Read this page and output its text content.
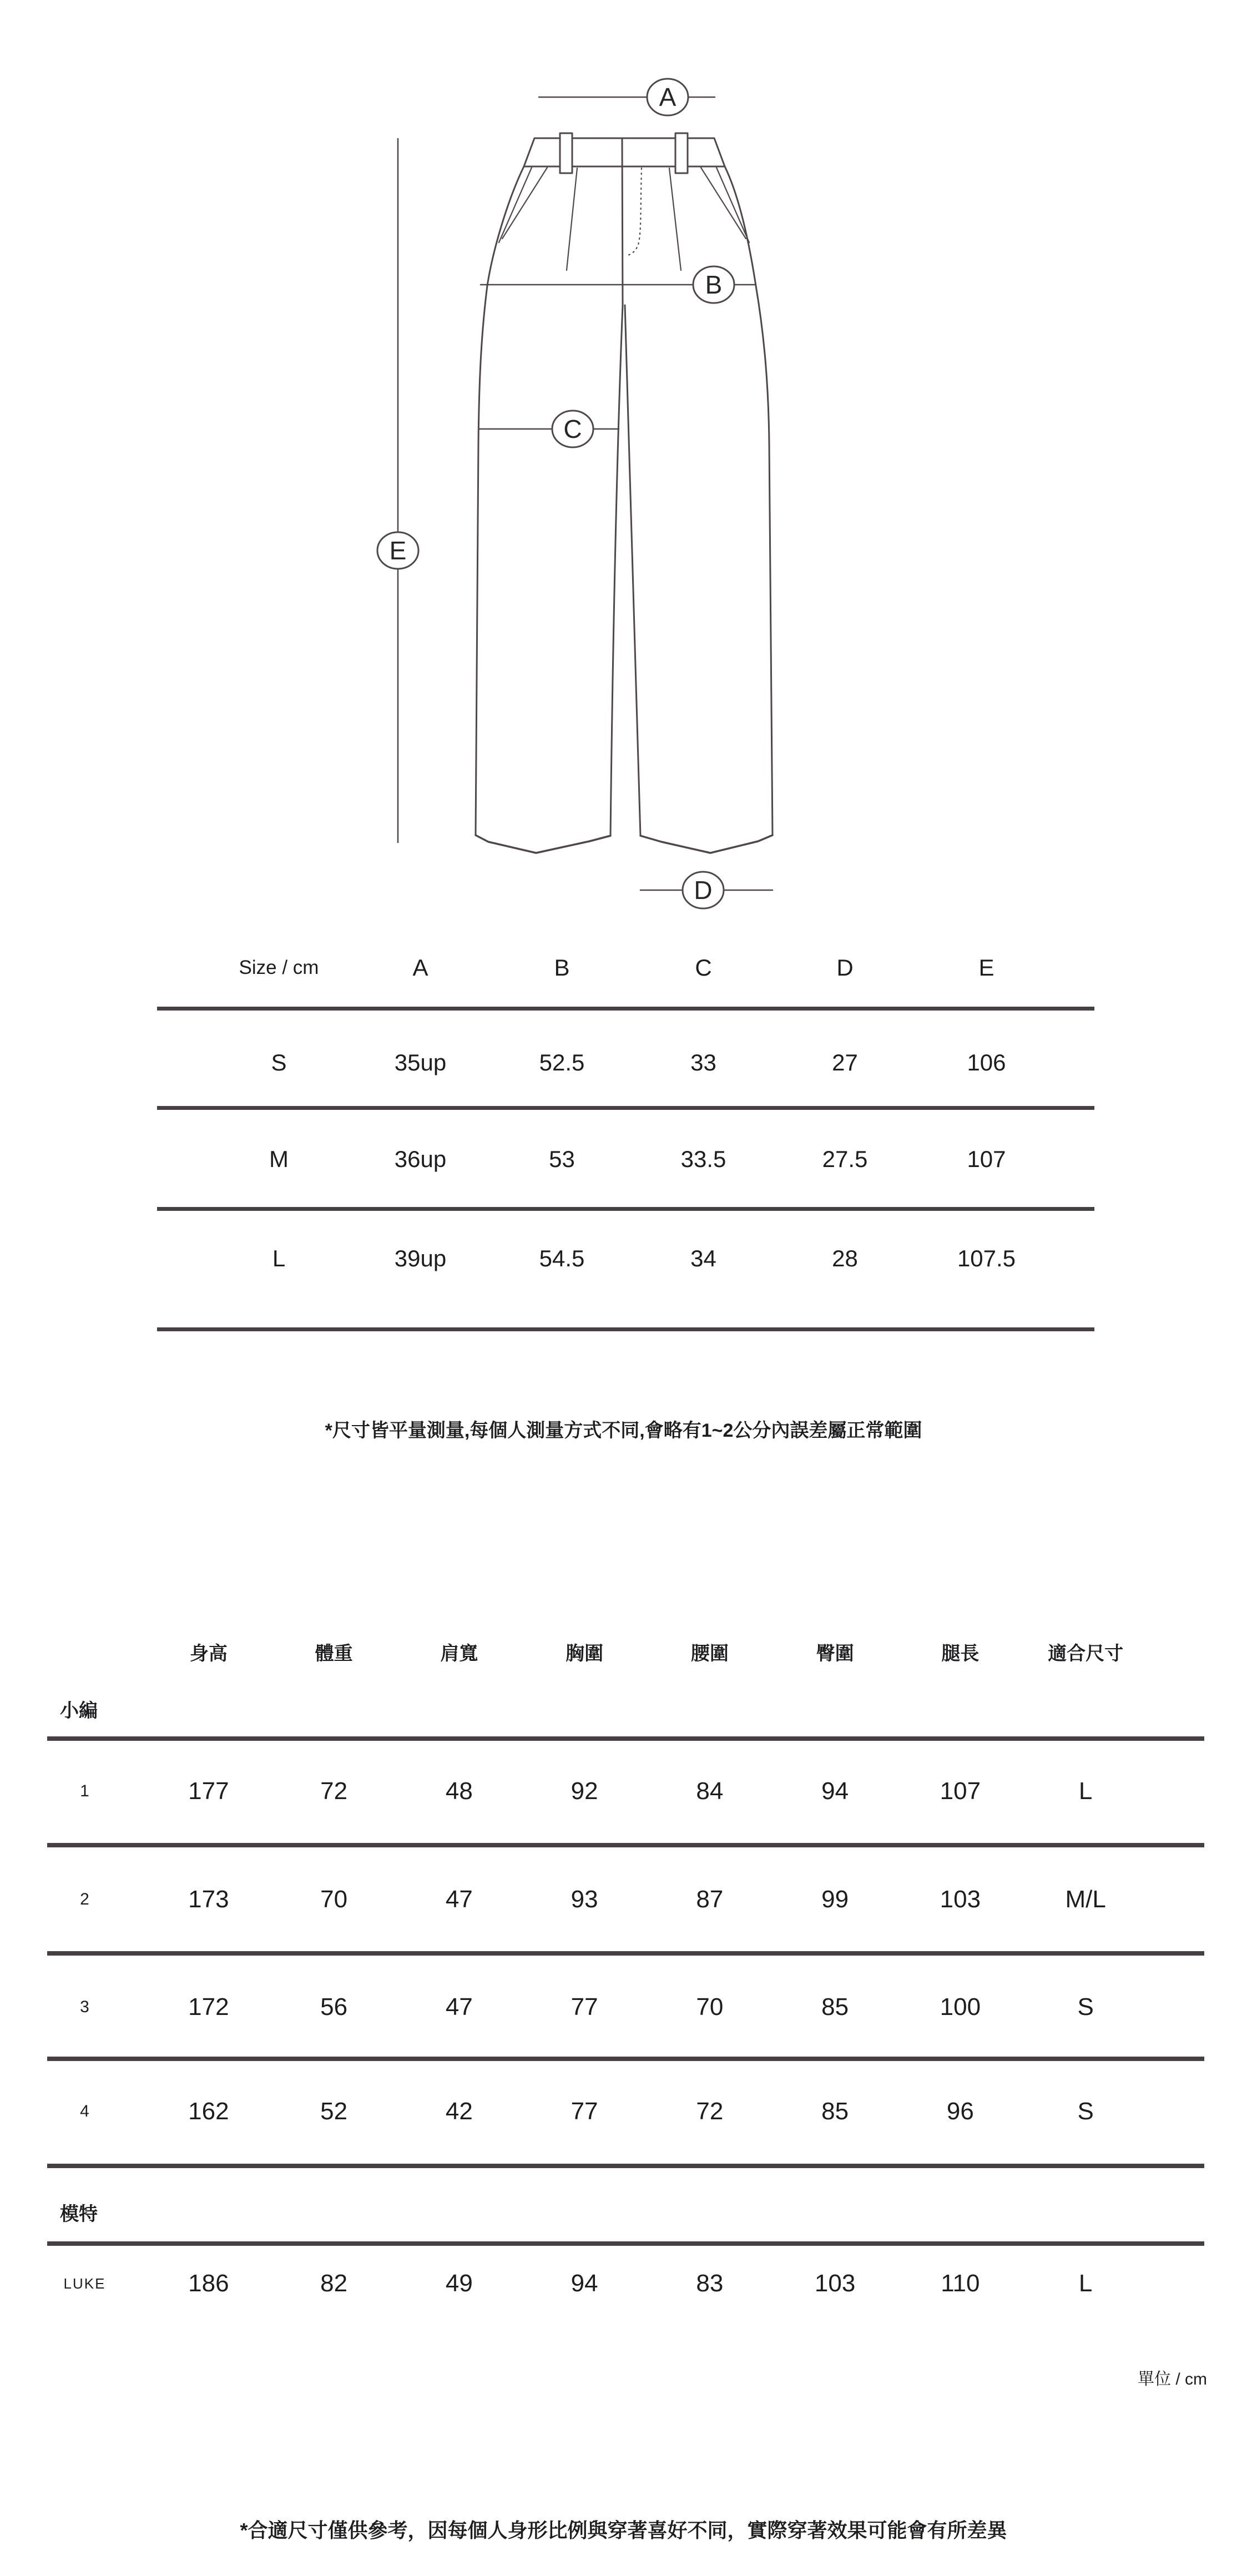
A
B
C
D
E
Size / cm	A	B	C	D	E
S	35up	52.5	33	27	106
M	36up	53	33.5	27.5	107
L	39up	54.5	34	28	107.5
*尺寸皆平量測量,每個人測量方式不同,會略有1~2公分內誤差屬正常範圍
身高	體重	肩寬	胸圍	腰圍	臀圍	腿長	適合尺寸
小編
1	177	72	48	92	84	94	107	L
2	173	70	47	93	87	99	103	M/L
3	172	56	47	77	70	85	100	S
4	162	52	42	77	72	85	96	S
模特
LUKE	186	82	49	94	83	103	110	L
單位 / cm
*合適尺寸僅供參考，因每個人身形比例與穿著喜好不同，實際穿著效果可能會有所差異
